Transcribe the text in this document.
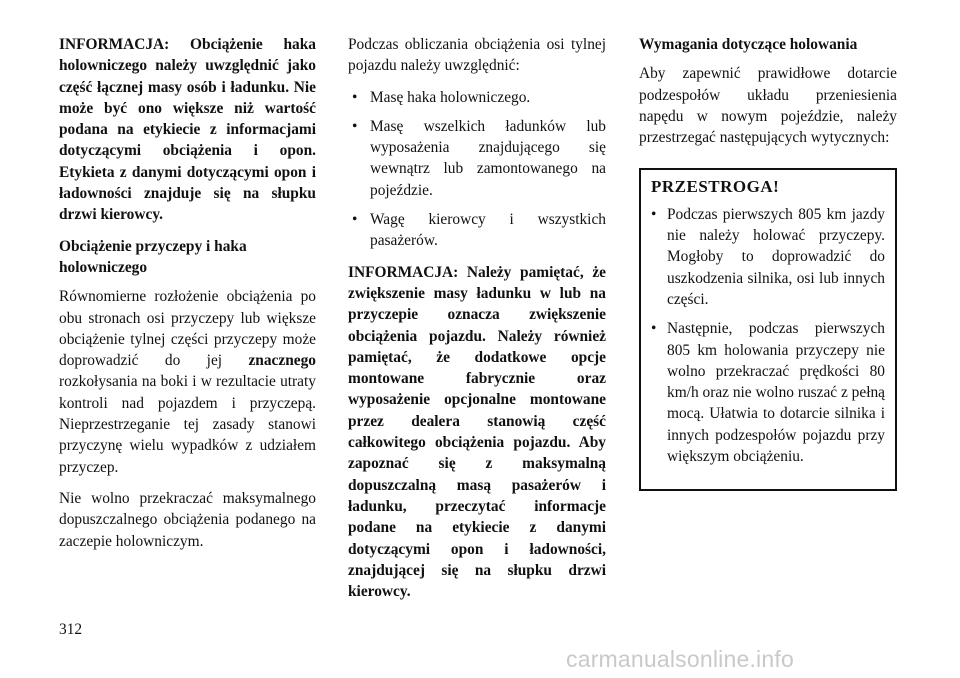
INFORMACJA: Obciążenie haka holowniczego należy uwzględnić jako część łącznej masy osób i ładunku. Nie może być ono większe niż wartość podana na etykiecie z informacjami dotyczącymi obciążenia i opon. Etykieta z danymi dotyczącymi opon i ładowności znajduje się na słupku drzwi kierowcy.

Obciążenie przyczepy i haka holowniczego

Równomierne rozłożenie obciążenia po obu stronach osi przyczepy lub większe obciążenie tylnej części przyczepy może doprowadzić do jej znacznego rozkołysania na boki i w rezultacie utraty kontroli nad pojazdem i przyczepą. Nieprzestrzeganie tej zasady stanowi przyczynę wielu wypadków z udziałem przyczep.

Nie wolno przekraczać maksymalnego dopuszczalnego obciążenia podanego na zaczepie holowniczym.

Podczas obliczania obciążenia osi tylnej pojazdu należy uwzględnić:

• Masę haka holowniczego.
• Masę wszelkich ładunków lub wyposażenia znajdującego się wewnątrz lub zamontowanego na pojeździe.
• Wagę kierowcy i wszystkich pasażerów.

INFORMACJA: Należy pamiętać, że zwiększenie masy ładunku w lub na przyczepie oznacza zwiększenie obciążenia pojazdu. Należy również pamiętać, że dodatkowe opcje montowane fabrycznie oraz wyposażenie opcjonalne montowane przez dealera stanowią część całkowitego obciążenia pojazdu. Aby zapoznać się z maksymalną dopuszczalną masą pasażerów i ładunku, przeczytać informacje podane na etykiecie z danymi dotyczącymi opon i ładowności, znajdującej się na słupku drzwi kierowcy.

Wymagania dotyczące holowania

Aby zapewnić prawidłowe dotarcie podzespołów układu przeniesienia napędu w nowym pojeździe, należy przestrzegać następujących wytycznych:

PRZESTROGA!
• Podczas pierwszych 805 km jazdy nie należy holować przyczepy. Mogłoby to doprowadzić do uszkodzenia silnika, osi lub innych części.
• Następnie, podczas pierwszych 805 km holowania przyczepy nie wolno przekraczać prędkości 80 km/h oraz nie wolno ruszać z pełną mocą. Ułatwia to dotarcie silnika i innych podzespołów pojazdu przy większym obciążeniu.
312
carmanualsonline.info
